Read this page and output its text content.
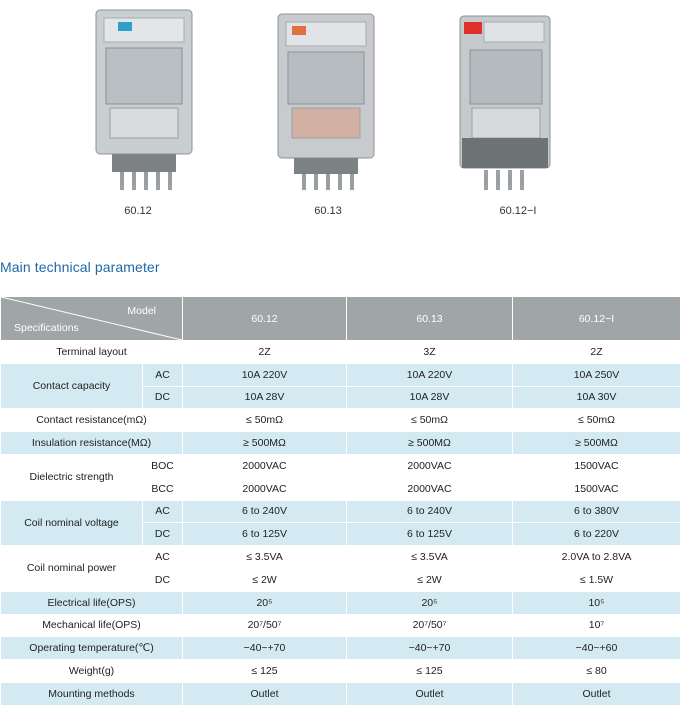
60.12	60.13	60.12−I
Main technical parameter
Model
Specifications		60.12	60.13	60.12−I
Terminal layout		2Z	3Z	2Z
Contact capacity	AC	10A 220V	10A 220V	10A 250V
	DC	10A 28V	10A 28V	10A 30V
Contact resistance(mΩ)		≤ 50mΩ	≤ 50mΩ	≤ 50mΩ
Insulation resistance(MΩ)		≥ 500MΩ	≥ 500MΩ	≥ 500MΩ
Dielectric strength	BOC	2000VAC	2000VAC	1500VAC
	BCC	2000VAC	2000VAC	1500VAC
Coil nominal voltage	AC	6 to 240V	6 to 240V	6 to 380V
	DC	6 to 125V	6 to 125V	6 to 220V
Coil nominal power	AC	≤ 3.5VA	≤ 3.5VA	2.0VA to 2.8VA
	DC	≤ 2W	≤ 2W	≤ 1.5W
Electrical life(OPS)		20⁵	20⁵	10⁵
Mechanical life(OPS)		20⁷/50⁷	20⁷/50⁷	10⁷
Operating temperature(℃)		−40~+70	−40~+70	−40~+60
Weight(g)		≤ 125	≤ 125	≤ 80
Mounting methods		Outlet	Outlet	Outlet
